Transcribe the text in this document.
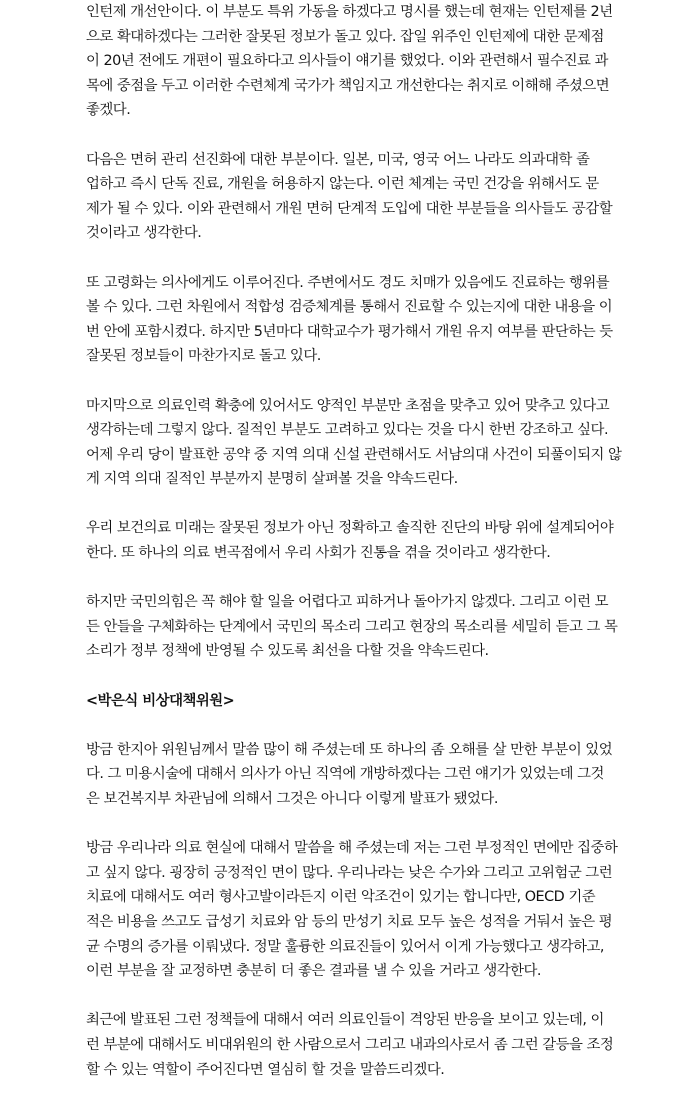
인턴제 개선안이다. 이 부분도 특위 가동을 하겠다고 명시를 했는데 현재는 인턴제를 2년
으로 확대하겠다는 그러한 잘못된 정보가 돌고 있다. 잡일 위주인 인턴제에 대한 문제점
이 20년 전에도 개편이 필요하다고 의사들이 얘기를 했었다. 이와 관련해서 필수진료 과
목에 중점을 두고 이러한 수련체계 국가가 책임지고 개선한다는 취지로 이해해 주셨으면
좋겠다.
다음은 면허 관리 선진화에 대한 부분이다. 일본, 미국, 영국 어느 나라도 의과대학 졸
업하고 즉시 단독 진료, 개원을 허용하지 않는다. 이런 체계는 국민 건강을 위해서도 문
제가 될 수 있다. 이와 관련해서 개원 면허 단계적 도입에 대한 부분들을 의사들도 공감할
것이라고 생각한다.
또 고령화는 의사에게도 이루어진다. 주변에서도 경도 치매가 있음에도 진료하는 행위를
볼 수 있다. 그런 차원에서 적합성 검증체계를 통해서 진료할 수 있는지에 대한 내용을 이
번 안에 포함시켰다. 하지만 5년마다 대학교수가 평가해서 개원 유지 여부를 판단하는 듯
잘못된 정보들이 마찬가지로 돌고 있다.
마지막으로 의료인력 확충에 있어서도 양적인 부분만 초점을 맞추고 있어 맞추고 있다고
생각하는데 그렇지 않다. 질적인 부분도 고려하고 있다는 것을 다시 한번 강조하고 싶다.
어제 우리 당이 발표한 공약 중 지역 의대 신설 관련해서도 서남의대 사건이 되풀이되지 않
게 지역 의대 질적인 부분까지 분명히 살펴볼 것을 약속드린다.
우리 보건의료 미래는 잘못된 정보가 아닌 정확하고 솔직한 진단의 바탕 위에 설계되어야
한다. 또 하나의 의료 변곡점에서 우리 사회가 진통을 겪을 것이라고 생각한다.
하지만 국민의힘은 꼭 해야 할 일을 어렵다고 피하거나 돌아가지 않겠다. 그리고 이런 모
든 안들을 구체화하는 단계에서 국민의 목소리 그리고 현장의 목소리를 세밀히 듣고 그 목
소리가 정부 정책에 반영될 수 있도록 최선을 다할 것을 약속드린다.
<박은식 비상대책위원>
방금 한지아 위원님께서 말씀 많이 해 주셨는데 또 하나의 좀 오해를 살 만한 부분이 있었
다. 그 미용시술에 대해서 의사가 아닌 직역에 개방하겠다는 그런 얘기가 있었는데 그것
은 보건복지부 차관님에 의해서 그것은 아니다 이렇게 발표가 됐었다.
방금 우리나라 의료 현실에 대해서 말씀을 해 주셨는데 저는 그런 부정적인 면에만 집중하
고 싶지 않다. 굉장히 긍정적인 면이 많다. 우리나라는 낮은 수가와 그리고 고위험군 그런
치료에 대해서도 여러 형사고발이라든지 이런 악조건이 있기는 합니다만, OECD 기준
적은 비용을 쓰고도 급성기 치료와 암 등의 만성기 치료 모두 높은 성적을 거둬서 높은 평
균 수명의 증가를 이뤄냈다. 정말 훌륭한 의료진들이 있어서 이게 가능했다고 생각하고,
이런 부분을 잘 교정하면 충분히 더 좋은 결과를 낼 수 있을 거라고 생각한다.
최근에 발표된 그런 정책들에 대해서 여러 의료인들이 격앙된 반응을 보이고 있는데, 이
런 부분에 대해서도 비대위원의 한 사람으로서 그리고 내과의사로서 좀 그런 갈등을 조정
할 수 있는 역할이 주어진다면 열심히 할 것을 말씀드리겠다.
